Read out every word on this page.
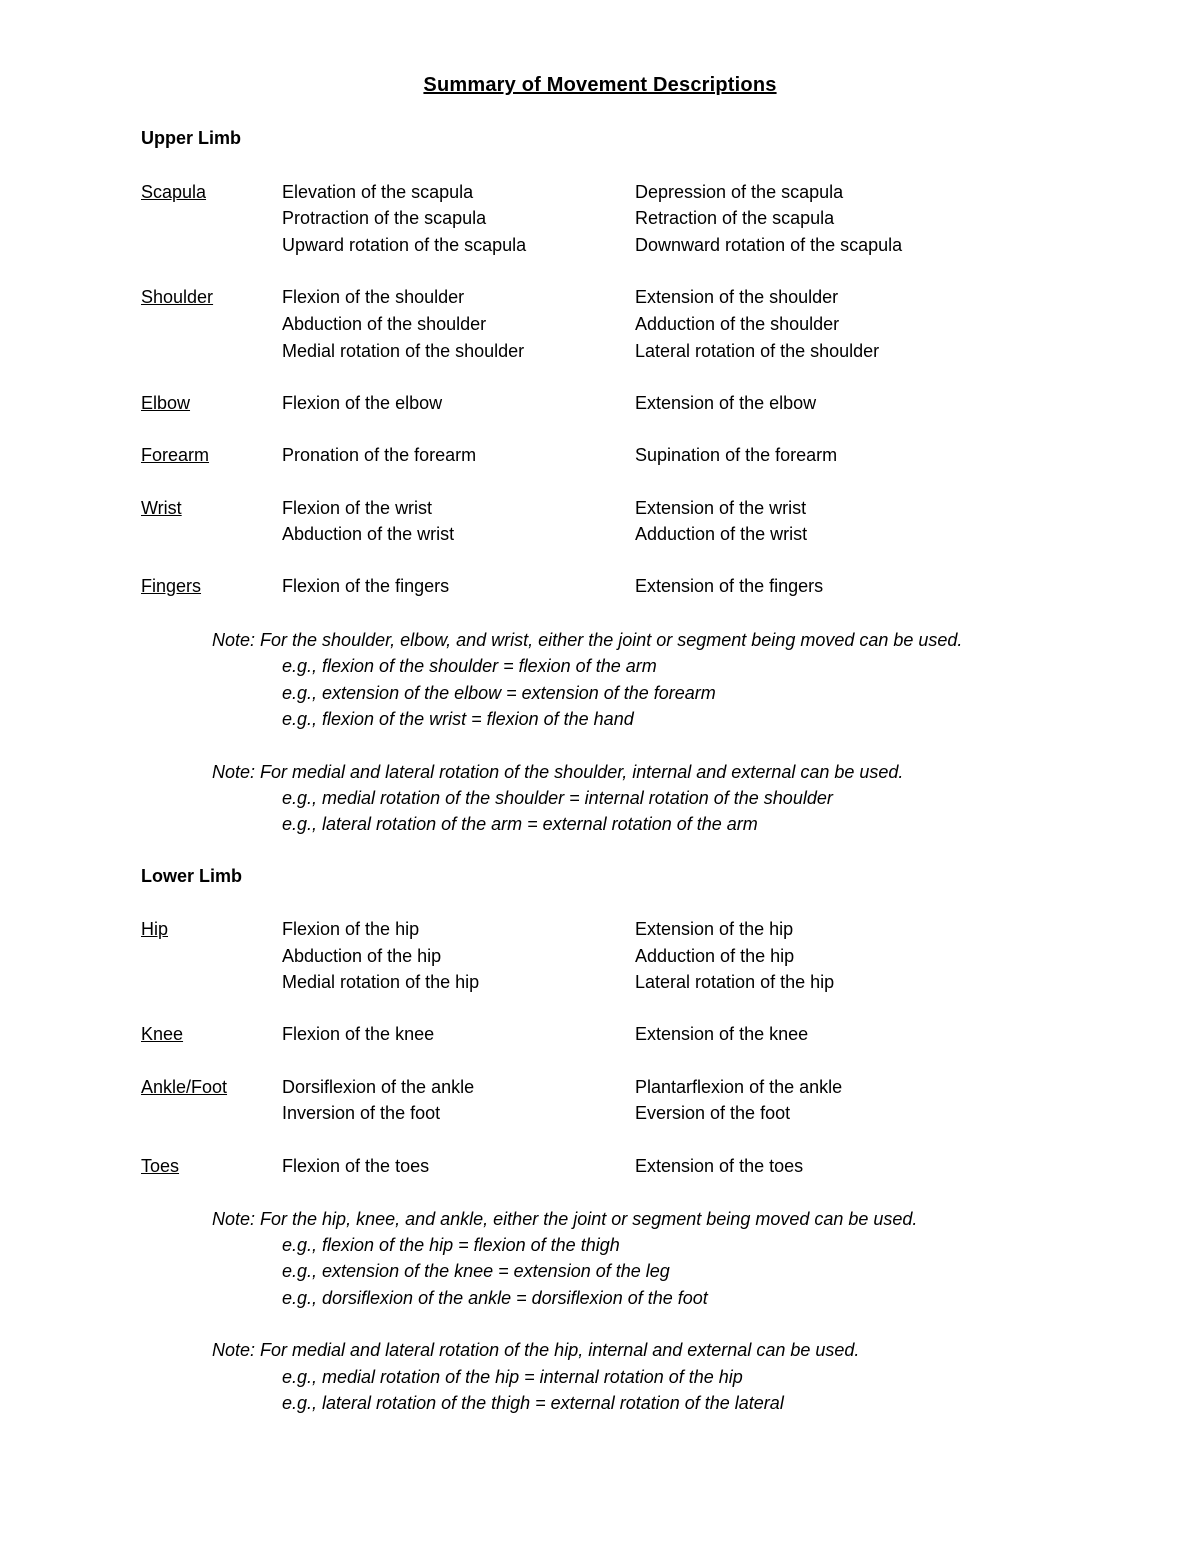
Summary of Movement Descriptions
Upper Limb
Scapula	Elevation of the scapula	Depression of the scapula
Protraction of the scapula	Retraction of the scapula
Upward rotation of the scapula	Downward rotation of the scapula
Shoulder	Flexion of the shoulder	Extension of the shoulder
Abduction of the shoulder	Adduction of the shoulder
Medial rotation of the shoulder	Lateral rotation of the shoulder
Elbow	Flexion of the elbow	Extension of the elbow
Forearm	Pronation of the forearm	Supination of the forearm
Wrist	Flexion of the wrist	Extension of the wrist
Abduction of the wrist	Adduction of the wrist
Fingers	Flexion of the fingers	Extension of the fingers
Note: For the shoulder, elbow, and wrist, either the joint or segment being moved can be used.
e.g., flexion of the shoulder = flexion of the arm
e.g., extension of the elbow = extension of the forearm
e.g., flexion of the wrist = flexion of the hand
Note: For medial and lateral rotation of the shoulder, internal and external can be used.
e.g., medial rotation of the shoulder = internal rotation of the shoulder
e.g., lateral rotation of the arm = external rotation of the arm
Lower Limb
Hip	Flexion of the hip	Extension of the hip
Abduction of the hip	Adduction of the hip
Medial rotation of the hip	Lateral rotation of the hip
Knee	Flexion of the knee	Extension of the knee
Ankle/Foot	Dorsiflexion of the ankle	Plantarflexion of the ankle
Inversion of the foot	Eversion of the foot
Toes	Flexion of the toes	Extension of the toes
Note: For the hip, knee, and ankle, either the joint or segment being moved can be used.
e.g., flexion of the hip = flexion of the thigh
e.g., extension of the knee = extension of the leg
e.g., dorsiflexion of the ankle = dorsiflexion of the foot
Note: For medial and lateral rotation of the hip, internal and external can be used.
e.g., medial rotation of the hip = internal rotation of the hip
e.g., lateral rotation of the thigh = external rotation of the lateral
